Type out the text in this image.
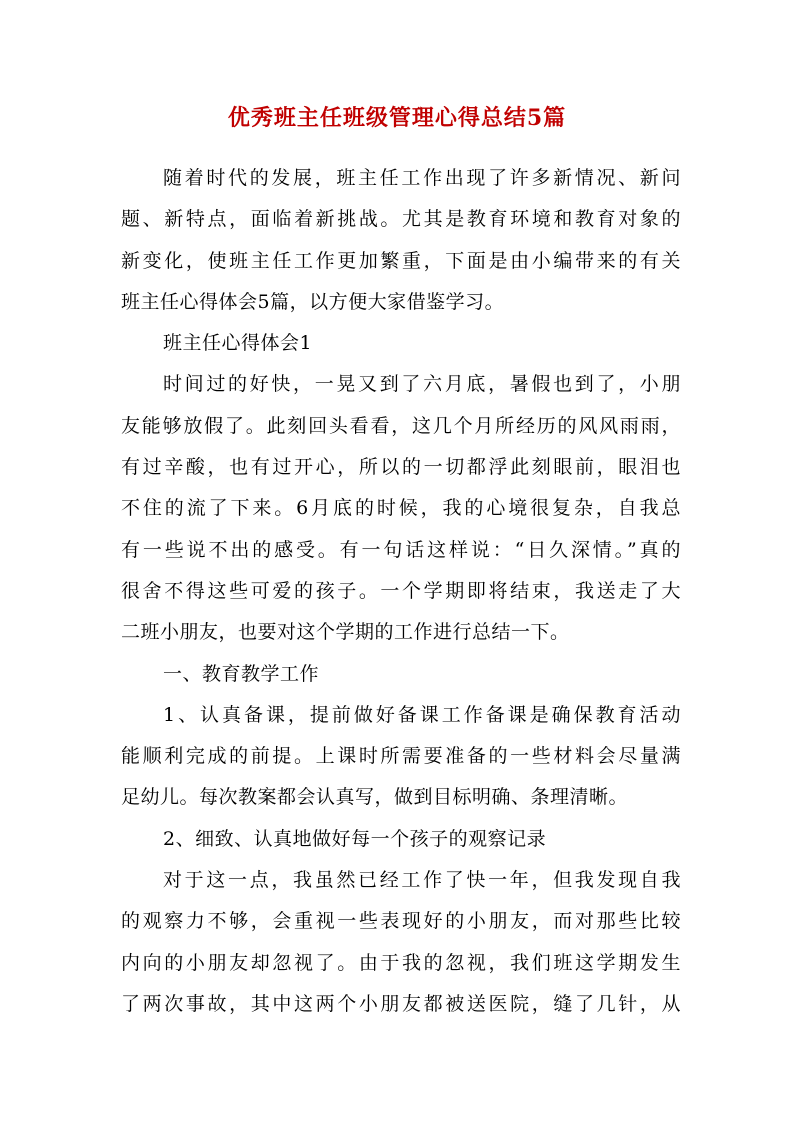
优秀班主任班级管理心得总结5篇
随着时代的发展，班主任工作出现了许多新情况、新问
题、新特点，面临着新挑战。尤其是教育环境和教育对象的
新变化，使班主任工作更加繁重，下面是由小编带来的有关
班主任心得体会5篇，以方便大家借鉴学习。
班主任心得体会1
时间过的好快，一晃又到了六月底，暑假也到了，小朋
友能够放假了。此刻回头看看，这几个月所经历的风风雨雨，
有过辛酸，也有过开心，所以的一切都浮此刻眼前，眼泪也
不住的流了下来。6月底的时候，我的心境很复杂，自我总
有一些说不出的感受。有一句话这样说：“日久深情。”真的
很舍不得这些可爱的孩子。一个学期即将结束，我送走了大
二班小朋友，也要对这个学期的工作进行总结一下。
一、教育教学工作
1、认真备课，提前做好备课工作备课是确保教育活动
能顺利完成的前提。上课时所需要准备的一些材料会尽量满
足幼儿。每次教案都会认真写，做到目标明确、条理清晰。
2、细致、认真地做好每一个孩子的观察记录
对于这一点，我虽然已经工作了快一年，但我发现自我
的观察力不够，会重视一些表现好的小朋友，而对那些比较
内向的小朋友却忽视了。由于我的忽视，我们班这学期发生
了两次事故，其中这两个小朋友都被送医院，缝了几针，从
